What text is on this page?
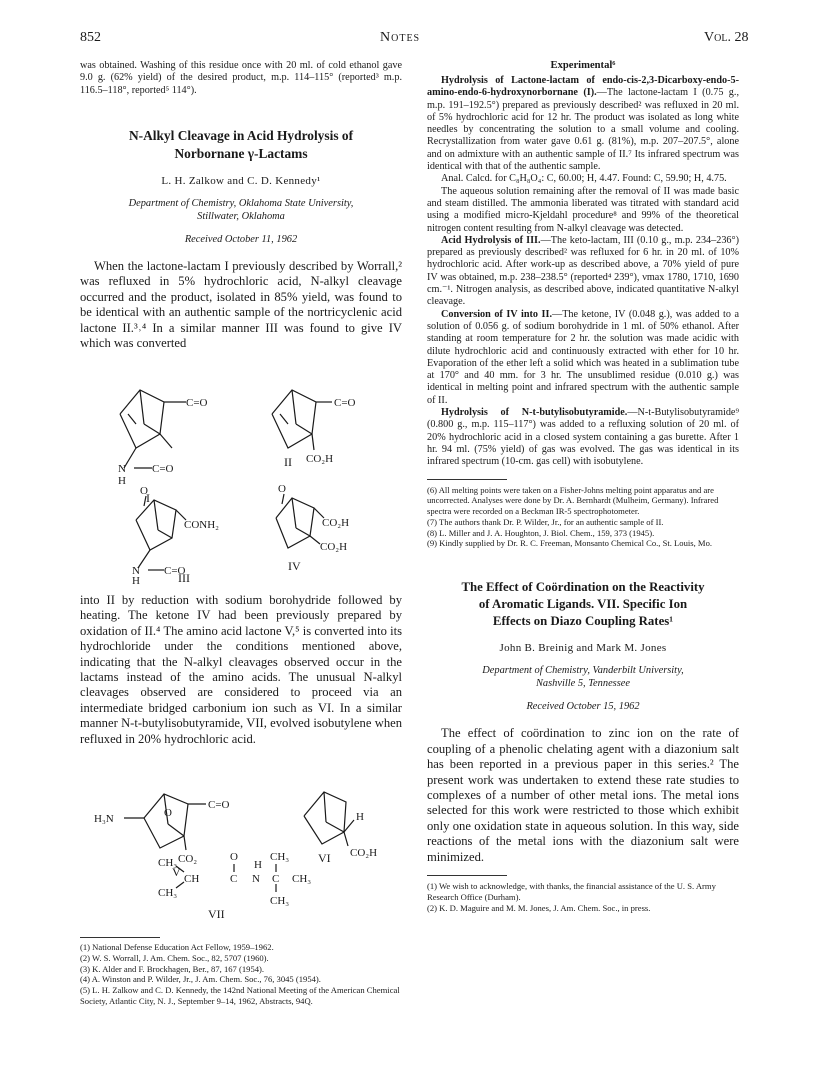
852	Notes	Vol. 28

was obtained. Washing of this residue once with 20 ml. of cold ethanol gave 9.0 g. (62% yield) of the desired product, m.p. 114–115° (reported³ m.p. 116.5–118°, reported⁵ 114°).

N-Alkyl Cleavage in Acid Hydrolysis of
Norbornane γ-Lactams
L. H. Zalkow and C. D. Kennedy¹
Department of Chemistry, Oklahoma State University,
Stillwater, Oklahoma
Received October 11, 1962

When the lactone-lactam I previously described by Worrall,² was refluxed in 5% hydrochloric acid, N-alkyl cleavage occurred and the product, isolated in 85% yield, was found to be identical with an authentic sample of the nortricyclenic acid lactone II.³˒⁴ In a similar manner III was found to give IV which was converted

C=O
N
H
C=O
I
C=O
CO₂H
II
O
CONH₂
N
H
C=O
III
O
CO₂H
CO₂H
IV

into II by reduction with sodium borohydride followed by heating. The ketone IV had been previously prepared by oxidation of II.⁴ The amino acid lactone V,⁵ is converted into its hydrochloride under the conditions mentioned above, indicating that the N-alkyl cleavages observed occur in the lactams instead of the amino acids. The unusual N-alkyl cleavages observed are considered to proceed via an intermediate bridged carbonium ion such as VI. In a similar manner N-t-butylisobutyramide, VII, evolved isobutylene when refluxed in 20% hydrochloric acid.

H₃N	O
C=O
CO₂
V
H
CO₂H
VI
CH₃
CH₃
CH
O
C
H
N
CH₃
C CH₃
CH₃
VII

(1) National Defense Education Act Fellow, 1959–1962.

(2) W. S. Worrall, J. Am. Chem. Soc., 82, 5707 (1960).

(3) K. Alder and F. Brockhagen, Ber., 87, 167 (1954).

(4) A. Winston and P. Wilder, Jr., J. Am. Chem. Soc., 76, 3045 (1954).

(5) L. H. Zalkow and C. D. Kennedy, the 142nd National Meeting of the American Chemical Society, Atlantic City, N. J., September 9–14, 1962, Abstracts, 94Q.

Experimental⁶

Hydrolysis of Lactone-lactam of endo-cis-2,3-Dicarboxy-endo-5-amino-endo-6-hydroxynorbornane (I).—The lactone-lactam I (0.75 g., m.p. 191–192.5°) prepared as previously described² was refluxed in 20 ml. of 5% hydrochloric acid for 12 hr. The product was isolated as long white needles by concentrating the solution to a small volume and cooling. Recrystallization from water gave 0.61 g. (81%), m.p. 207–207.5°, alone and on admixture with an authentic sample of II.⁷ Its infrared spectrum was identical with that of the authentic sample.

Anal. Calcd. for C₈H₈O₄: C, 60.00; H, 4.47. Found: C, 59.90; H, 4.75.

The aqueous solution remaining after the removal of II was made basic and steam distilled. The ammonia liberated was titrated with standard acid using a modified micro-Kjeldahl procedure⁸ and 99% of the theoretical nitrogen content resulting from N-alkyl cleavage was detected.

Acid Hydrolysis of III.—The keto-lactam, III (0.10 g., m.p. 234–236°) prepared as previously described² was refluxed for 6 hr. in 20 ml. of 10% hydrochloric acid. After work-up as described above, a 70% yield of pure IV was obtained, m.p. 238–238.5° (reported⁴ 239°), νmax 1780, 1710, 1690 cm.⁻¹. Nitrogen analysis, as described above, indicated quantitative N-alkyl cleavage.

Conversion of IV into II.—The ketone, IV (0.048 g.), was added to a solution of 0.056 g. of sodium borohydride in 1 ml. of 50% ethanol. After standing at room temperature for 2 hr. the solution was made acidic with dilute hydrochloric acid and continuously extracted with ether for 10 hr. Evaporation of the ether left a solid which was heated in a sublimation tube at 170° and 40 mm. for 3 hr. The unsublimed residue (0.010 g.) was identical in melting point and infrared spectrum with the authentic sample of II.

Hydrolysis of N-t-butylisobutyramide.—N-t-Butylisobutyramide⁹ (0.800 g., m.p. 115–117°) was added to a refluxing solution of 20 ml. of 20% hydrochloric acid in a closed system containing a gas burette. After 1 hr. 94 ml. (75% yield) of gas was evolved. The gas was identical in its infrared spectrum (10-cm. gas cell) with isobutylene.

(6) All melting points were taken on a Fisher-Johns melting point apparatus and are uncorrected. Analyses were done by Dr. A. Bernhardt (Mulheim, Germany). Infrared spectra were recorded on a Beckman IR-5 spectrophotometer.

(7) The authors thank Dr. P. Wilder, Jr., for an authentic sample of II.

(8) L. Miller and J. A. Houghton, J. Biol. Chem., 159, 373 (1945).

(9) Kindly supplied by Dr. R. C. Freeman, Monsanto Chemical Co., St. Louis, Mo.

The Effect of Coördination on the Reactivity
of Aromatic Ligands. VII. Specific Ion
Effects on Diazo Coupling Rates¹
John B. Breinig and Mark M. Jones
Department of Chemistry, Vanderbilt University,
Nashville 5, Tennessee
Received October 15, 1962

The effect of coördination to zinc ion on the rate of coupling of a phenolic chelating agent with a diazonium salt has been reported in a previous paper in this series.² The present work was undertaken to extend these rate studies to complexes of a number of other metal ions. The metal ions selected for this work were restricted to those which exhibit only one oxidation state in aqueous solution. In this way, side reactions of the metal ions with the diazonium salt were minimized.

(1) We wish to acknowledge, with thanks, the financial assistance of the U. S. Army Research Office (Durham).

(2) K. D. Maguire and M. M. Jones, J. Am. Chem. Soc., in press.
